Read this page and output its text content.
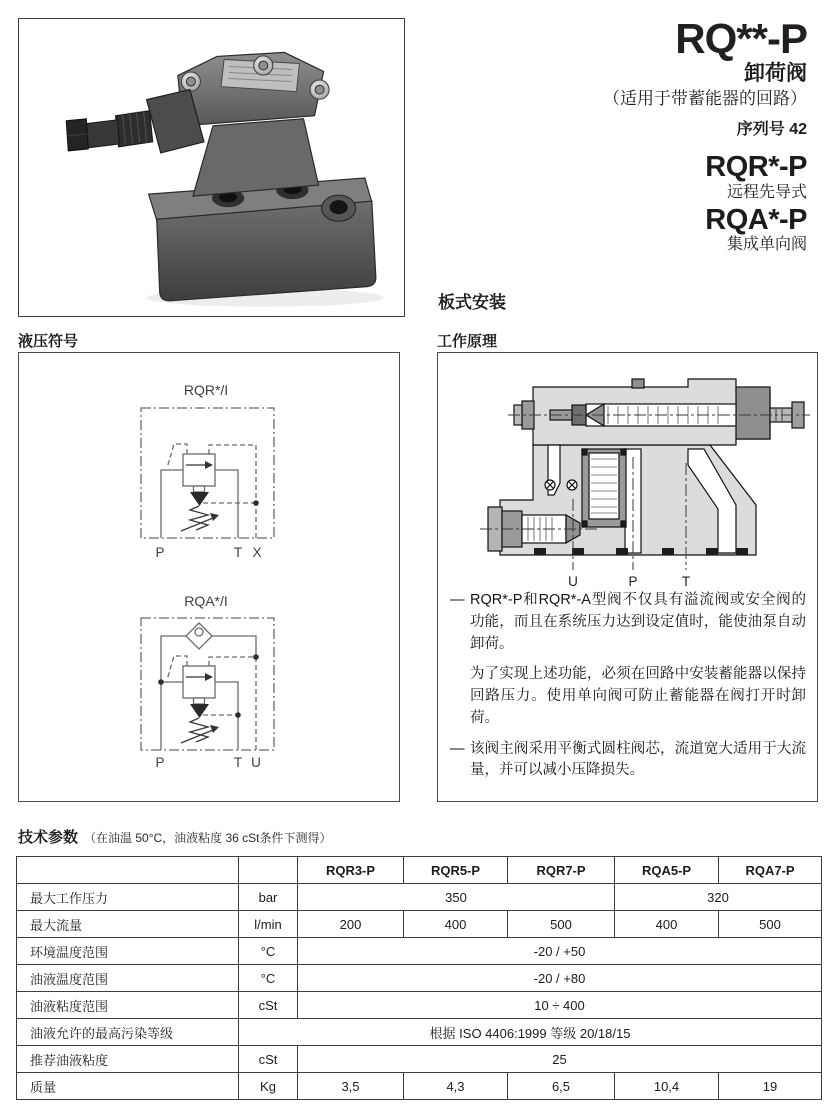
RQ**-P
卸荷阀
（适用于带蓄能器的回路）
序列号 42
RQR*-P
远程先导式
RQA*-P
集成单向阀
板式安装
液压符号
RQR*/I
P	T X
RQA*/I
P	T U
工作原理
U	P	T
— RQR*-P和RQR*-A型阀不仅具有溢流阀或安全阀的功能，而且在系统压力达到设定值时，能使油泵自动卸荷。
为了实现上述功能，必须在回路中安装蓄能器以保持回路压力。使用单向阀可防止蓄能器在阀打开时卸荷。
— 该阀主阀采用平衡式圆柱阀芯，流道宽大适用于大流量，并可以减小压降损失。
技术参数 （在油温 50°C，油液粘度 36 cSt条件下测得）
		RQR3-P	RQR5-P	RQR7-P	RQA5-P	RQA7-P
最大工作压力	bar	350			320	
最大流量	l/min	200	400	500	400	500
环境温度范围	°C	-20 / +50				
油液温度范围	°C	-20 / +80				
油液粘度范围	cSt	10 ÷ 400				
油液允许的最高污染等级	根据 ISO 4406:1999 等级 20/18/15					
推荐油液粘度	cSt	25				
质量	Kg	3,5	4,3	6,5	10,4	19
